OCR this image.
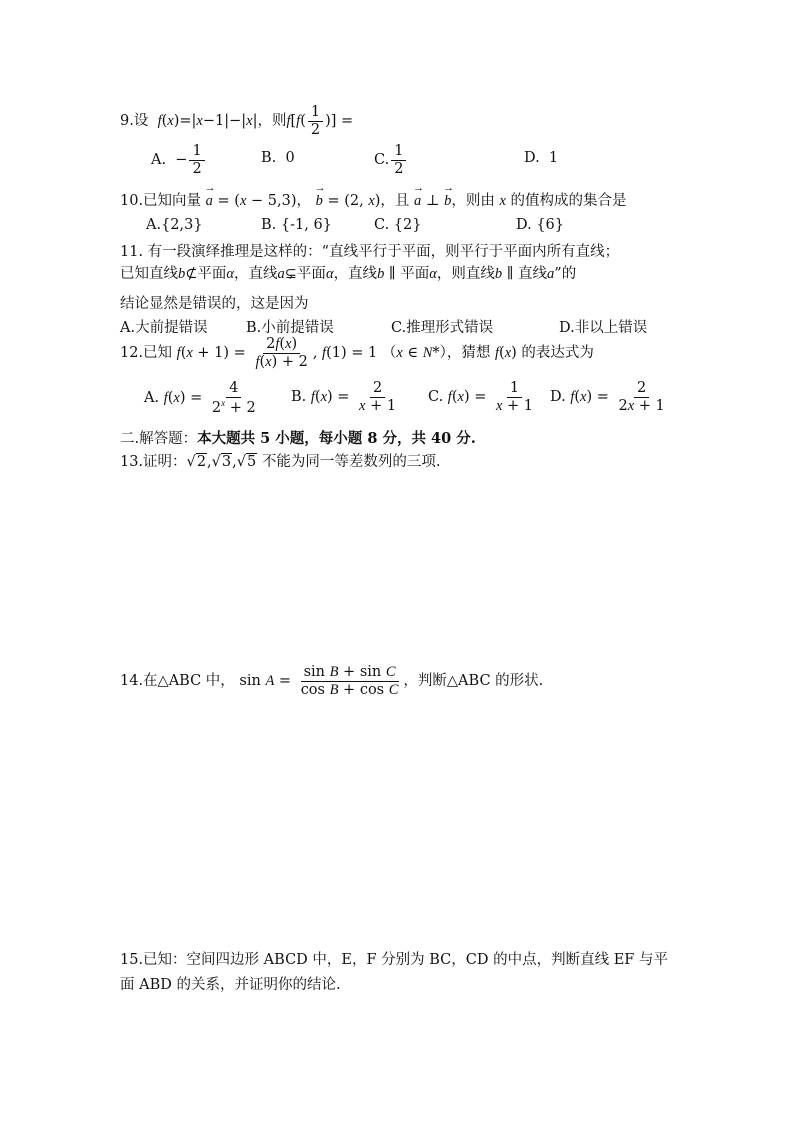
9.设  f(x)=|x−1|−|x|，则$f[f( \frac{1}{2}$ )] =
A.  − $\frac{1}{2}$	B.  0	C. $\frac{1}{2}$	D.  1
10.已知向量 → a = (x − 5,3)， → b = (2, x)，且 → a ⊥ → b，则由 x 的值构成的集合是
A.{2,3}	B. {-1, 6}	C. {2}	D. {6}
11. 有一段演绎推理是这样的：“直线平行于平面，则平行于平面内所有直线；
已知直线b⊄平面α，直线a⊊平面α，直线b ∥ 平面α，则直线b ∥ 直线a”的
结论显然是错误的，这是因为
A.大前提错误	B.小前提错误	C.推理形式错误	D.非以上错误
12.已知 $f(x + 1) = \frac{2f(x)}{f(x) + 2}$ , f(1) = 1 （x ∈ N*），猜想 f(x) 的表达式为
A. $f(x) = \frac{4}{2^x + 2} B$. $f(x) = \frac{2}{x + 1} C$. $f(x) = \frac{1}{x + 1} D$. $f(x) = \frac{2}{2x + 1}$
二.解答题：本大题共 5 小题，每小题 8 分，共 40 分.
13.证明：√2,√3,√5 不能为同一等差数列的三项.
14.在△ABC 中， $\sin A = \frac{\text{sin B + sin C}}{\text{cos B + cos C}}$ ，判断△ABC 的形状.
15.已知：空间四边形 ABCD 中，E，F 分别为 BC，CD 的中点，判断直线 EF 与平
面 ABD 的关系，并证明你的结论.
